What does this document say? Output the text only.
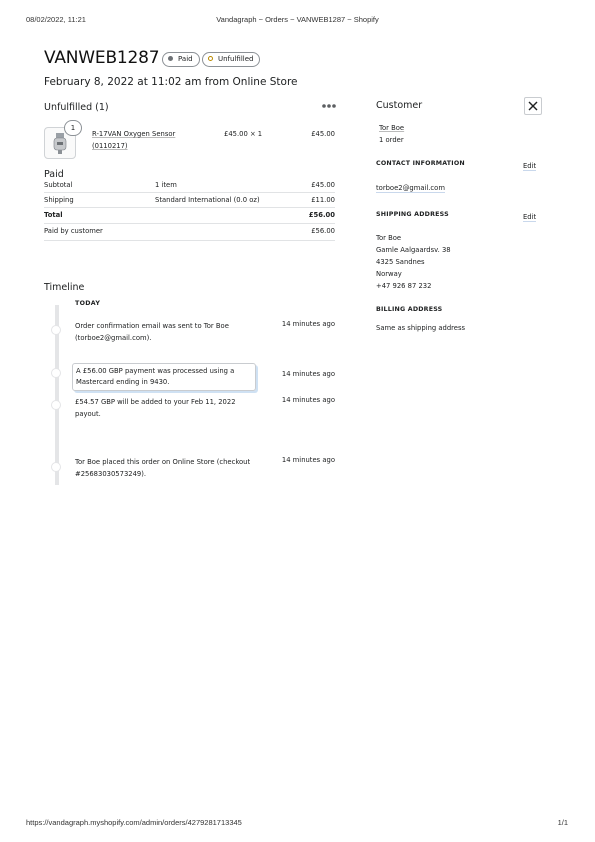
08/02/2022, 11:21	Vandagraph ~ Orders ~ VANWEB1287 ~ Shopify
VANWEB1287	Paid	Unfulfilled
February 8, 2022 at 11:02 am from Online Store
Unfulfilled (1)
1
R-17VAN Oxygen Sensor
(0110217)
£45.00 × 1	£45.00
Paid
Subtotal	1 item	£45.00
Shipping	Standard International (0.0 oz)	£11.00
Total	£56.00
Paid by customer	£56.00
Timeline
TODAY
Order confirmation email was sent to Tor Boe (torboe2@gmail.com).
14 minutes ago
A £56.00 GBP payment was processed using a Mastercard ending in 9430.
14 minutes ago
£54.57 GBP will be added to your Feb 11, 2022 payout.
14 minutes ago
Tor Boe placed this order on Online Store (checkout #25683030573249).
14 minutes ago
Customer
Tor Boe
1 order
CONTACT INFORMATION	Edit
torboe2@gmail.com
SHIPPING ADDRESS	Edit
Tor Boe
Gamle Aalgaardsv. 38
4325 Sandnes
Norway
+47 926 87 232
BILLING ADDRESS
Same as shipping address
https://vandagraph.myshopify.com/admin/orders/4279281713345	1/1
